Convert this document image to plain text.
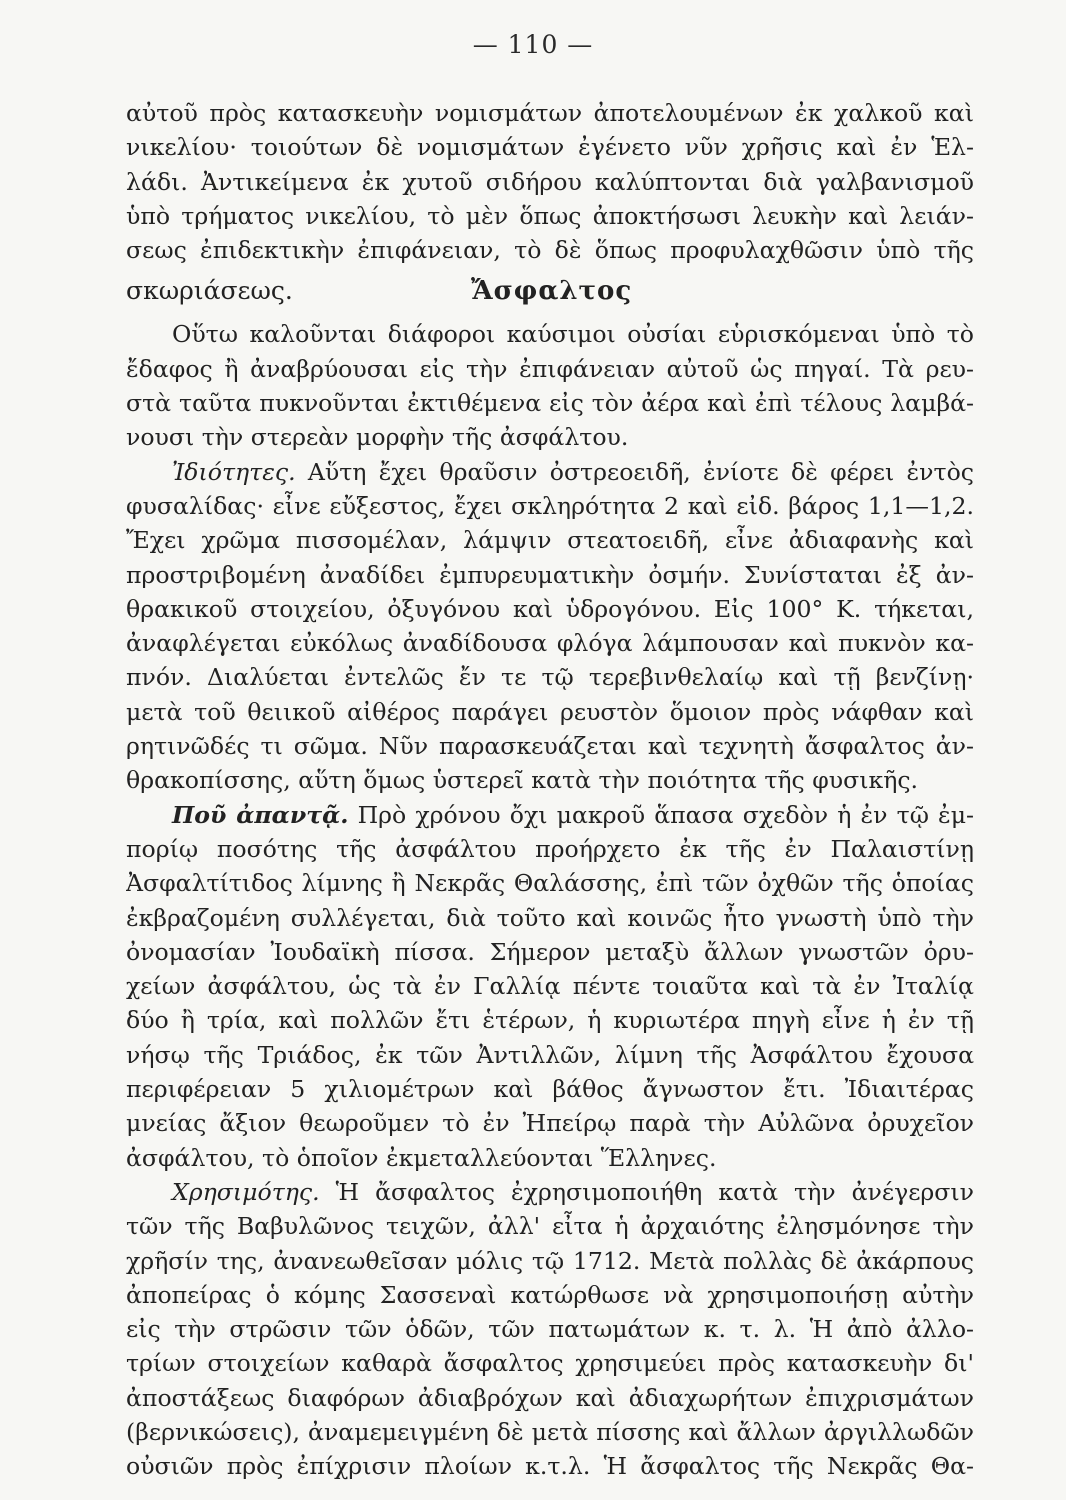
— 110 —
αὐτοῦ πρὸς κατασκευὴν νομισμάτων ἀποτελουμένων ἐκ χαλκοῦ καὶ
νικελίου· τοιούτων δὲ νομισμάτων ἐγένετο νῦν χρῆσις καὶ ἐν Ἑλ-
λάδι. Ἀντικείμενα ἐκ χυτοῦ σιδήρου καλύπτονται διὰ γαλβανισμοῦ
ὑπὸ τρήματος νικελίου, τὸ μὲν ὅπως ἀποκτήσωσι λευκὴν καὶ λειάν-
σεως ἐπιδεκτικὴν ἐπιφάνειαν, τὸ δὲ ὅπως προφυλαχθῶσιν ὑπὸ τῆς
σκωριάσεως.	Ἄσφαλτος
Οὕτω καλοῦνται διάφοροι καύσιμοι οὐσίαι εὑρισκόμεναι ὑπὸ τὸ
ἔδαφος ἢ ἀναβρύουσαι εἰς τὴν ἐπιφάνειαν αὐτοῦ ὡς πηγαί. Τὰ ρευ-
στὰ ταῦτα πυκνοῦνται ἐκτιθέμενα εἰς τὸν ἀέρα καὶ ἐπὶ τέλους λαμβά-
νουσι τὴν στερεὰν μορφὴν τῆς ἀσφάλτου.
Ἰδιότητες. Αὕτη ἔχει θραῦσιν ὀστρεοειδῆ, ἐνίοτε δὲ φέρει ἐντὸς
φυσαλίδας· εἶνε εὔξεστος, ἔχει σκληρότητα 2 καὶ εἰδ. βάρος 1,1—1,2.
Ἔχει χρῶμα πισσομέλαν, λάμψιν στεατοειδῆ, εἶνε ἀδιαφανὴς καὶ
προστριβομένη ἀναδίδει ἐμπυρευματικὴν ὀσμήν. Συνίσταται ἐξ ἀν-
θρακικοῦ στοιχείου, ὀξυγόνου καὶ ὑδρογόνου. Εἰς 100° Κ. τήκεται,
ἀναφλέγεται εὐκόλως ἀναδίδουσα φλόγα λάμπουσαν καὶ πυκνὸν κα-
πνόν. Διαλύεται ἐντελῶς ἔν τε τῷ τερεβινθελαίῳ καὶ τῇ βενζίνῃ·
μετὰ τοῦ θειικοῦ αἰθέρος παράγει ρευστὸν ὅμοιον πρὸς νάφθαν καὶ
ρητινῶδές τι σῶμα. Νῦν παρασκευάζεται καὶ τεχνητὴ ἄσφαλτος ἀν-
θρακοπίσσης, αὕτη ὅμως ὑστερεῖ κατὰ τὴν ποιότητα τῆς φυσικῆς.
Ποῦ ἀπαντᾷ. Πρὸ χρόνου ὄχι μακροῦ ἅπασα σχεδὸν ἡ ἐν τῷ ἐμ-
πορίῳ ποσότης τῆς ἀσφάλτου προήρχετο ἐκ τῆς ἐν Παλαιστίνῃ
Ἀσφαλτίτιδος λίμνης ἢ Νεκρᾶς Θαλάσσης, ἐπὶ τῶν ὀχθῶν τῆς ὁποίας
ἐκβραζομένη συλλέγεται, διὰ τοῦτο καὶ κοινῶς ἦτο γνωστὴ ὑπὸ τὴν
ὀνομασίαν Ἰουδαϊκὴ πίσσα. Σήμερον μεταξὺ ἄλλων γνωστῶν ὀρυ-
χείων ἀσφάλτου, ὡς τὰ ἐν Γαλλίᾳ πέντε τοιαῦτα καὶ τὰ ἐν Ἰταλίᾳ
δύο ἢ τρία, καὶ πολλῶν ἔτι ἑτέρων, ἡ κυριωτέρα πηγὴ εἶνε ἡ ἐν τῇ
νήσῳ τῆς Τριάδος, ἐκ τῶν Ἀντιλλῶν, λίμνη τῆς Ἀσφάλτου ἔχουσα
περιφέρειαν 5 χιλιομέτρων καὶ βάθος ἄγνωστον ἔτι. Ἰδιαιτέρας
μνείας ἄξιον θεωροῦμεν τὸ ἐν Ἠπείρῳ παρὰ τὴν Αὐλῶνα ὀρυχεῖον
ἀσφάλτου, τὸ ὁποῖον ἐκμεταλλεύονται Ἕλληνες.
Χρησιμότης. Ἡ ἄσφαλτος ἐχρησιμοποιήθη κατὰ τὴν ἀνέγερσιν
τῶν τῆς Βαβυλῶνος τειχῶν, ἀλλ' εἶτα ἡ ἀρχαιότης ἐλησμόνησε τὴν
χρῆσίν της, ἀνανεωθεῖσαν μόλις τῷ 1712. Μετὰ πολλὰς δὲ ἀκάρπους
ἀποπείρας ὁ κόμης Σασσεναὶ κατώρθωσε νὰ χρησιμοποιήσῃ αὐτὴν
εἰς τὴν στρῶσιν τῶν ὁδῶν, τῶν πατωμάτων κ. τ. λ. Ἡ ἀπὸ ἀλλο-
τρίων στοιχείων καθαρὰ ἄσφαλτος χρησιμεύει πρὸς κατασκευὴν δι'
ἀποστάξεως διαφόρων ἀδιαβρόχων καὶ ἀδιαχωρήτων ἐπιχρισμάτων
(βερνικώσεις), ἀναμεμειγμένη δὲ μετὰ πίσσης καὶ ἄλλων ἀργιλλωδῶν
οὐσιῶν πρὸς ἐπίχρισιν πλοίων κ.τ.λ. Ἡ ἄσφαλτος τῆς Νεκρᾶς Θα-
